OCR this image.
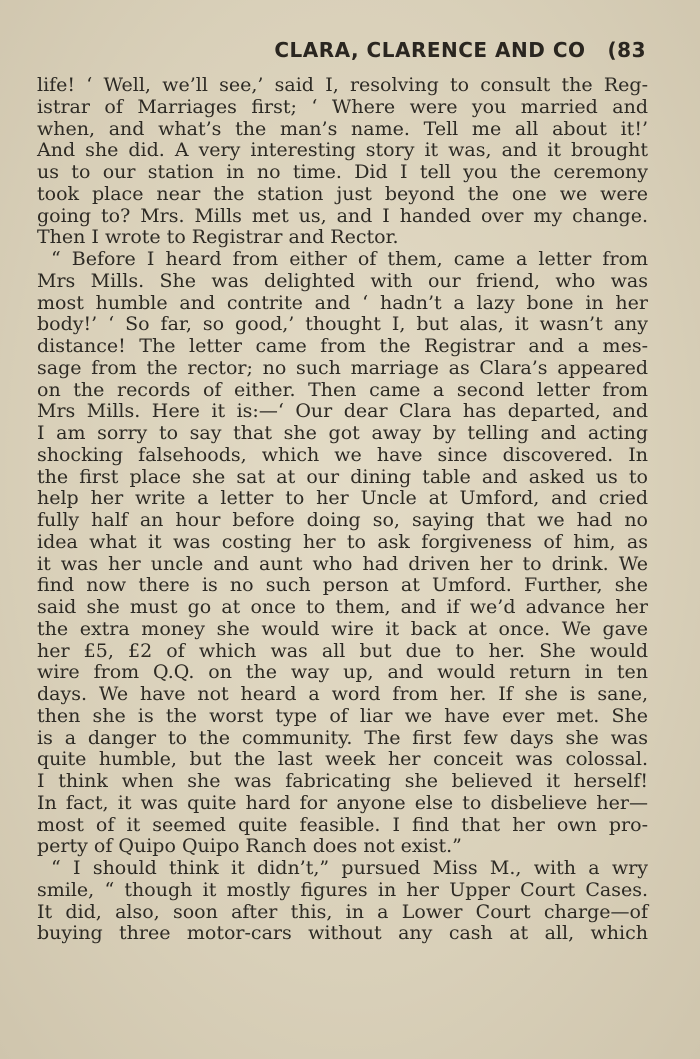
CLARA, CLARENCE AND CO (83
life! ‘ Well, we’ll see,’ said I, resolving to consult the Reg-
istrar of Marriages first; ‘ Where were you married and
when, and what’s the man’s name. Tell me all about it!’
And she did. A very interesting story it was, and it brought
us to our station in no time. Did I tell you the ceremony
took place near the station just beyond the one we were
going to? Mrs. Mills met us, and I handed over my change.
Then I wrote to Registrar and Rector.
“ Before I heard from either of them, came a letter from
Mrs Mills. She was delighted with our friend, who was
most humble and contrite and ‘ hadn’t a lazy bone in her
body!’ ‘ So far, so good,’ thought I, but alas, it wasn’t any
distance! The letter came from the Registrar and a mes-
sage from the rector; no such marriage as Clara’s appeared
on the records of either. Then came a second letter from
Mrs Mills. Here it is:—‘ Our dear Clara has departed, and
I am sorry to say that she got away by telling and acting
shocking falsehoods, which we have since discovered. In
the first place she sat at our dining table and asked us to
help her write a letter to her Uncle at Umford, and cried
fully half an hour before doing so, saying that we had no
idea what it was costing her to ask forgiveness of him, as
it was her uncle and aunt who had driven her to drink. We
find now there is no such person at Umford. Further, she
said she must go at once to them, and if we’d advance her
the extra money she would wire it back at once. We gave
her £5, £2 of which was all but due to her. She would
wire from Q.Q. on the way up, and would return in ten
days. We have not heard a word from her. If she is sane,
then she is the worst type of liar we have ever met. She
is a danger to the community. The first few days she was
quite humble, but the last week her conceit was colossal.
I think when she was fabricating she believed it herself!
In fact, it was quite hard for anyone else to disbelieve her—
most of it seemed quite feasible. I find that her own pro-
perty of Quipo Quipo Ranch does not exist.”
“ I should think it didn’t,” pursued Miss M., with a wry
smile, “ though it mostly figures in her Upper Court Cases.
It did, also, soon after this, in a Lower Court charge—of
buying three motor-cars without any cash at all, which
